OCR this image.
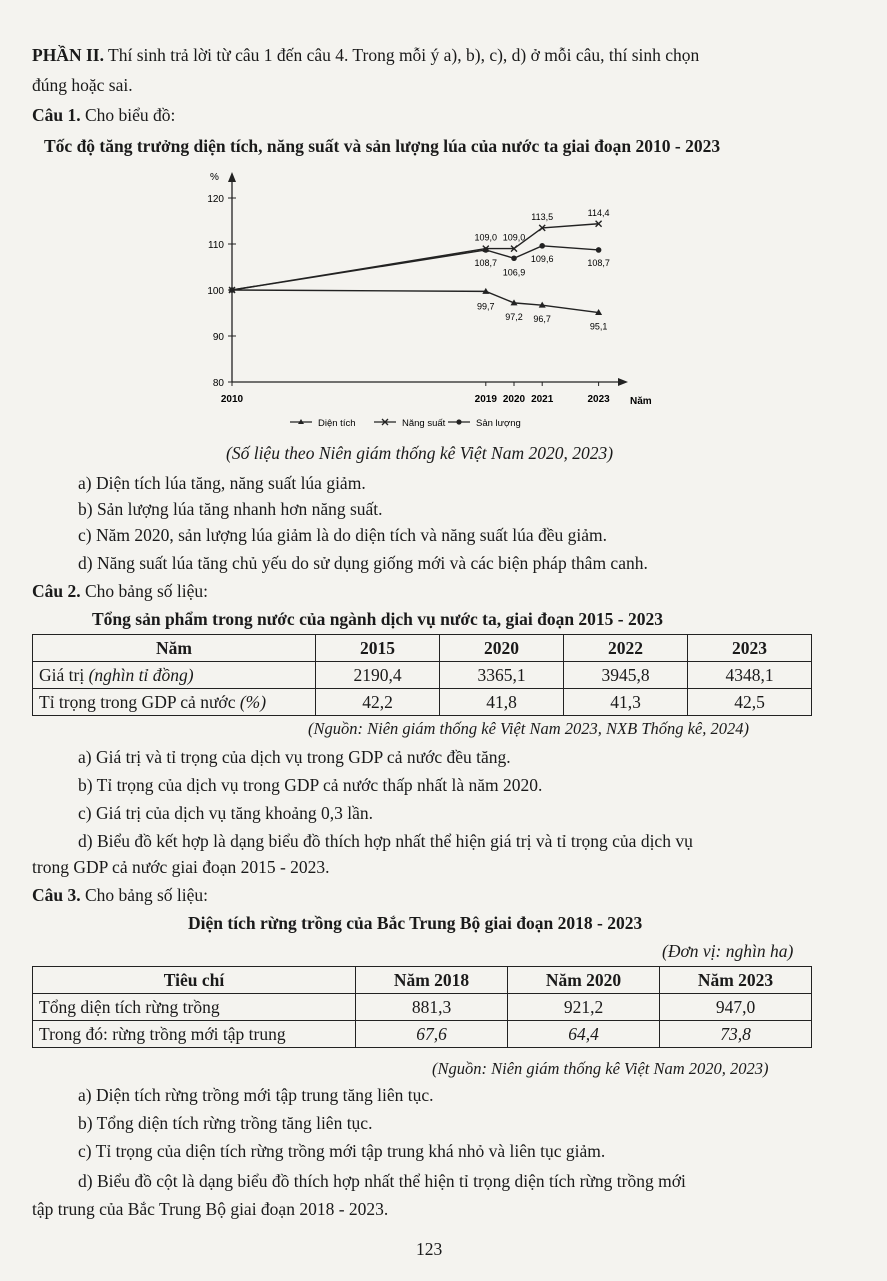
PHẦN II. Thí sinh trả lời từ câu 1 đến câu 4. Trong mỗi ý a), b), c), d) ở mỗi câu, thí sinh chọn
đúng hoặc sai.
Câu 1. Cho biểu đồ:
Tốc độ tăng trưởng diện tích, năng suất và sản lượng lúa của nước ta giai đoạn 2010 - 2023
%
Năm
80
90
100
110
120
2010	2019 2020 2021	2023
99,7
97,2 96,7
95,1
109,0 109,0
113,5	114,4
108,7
106,9
109,6	108,7
Diện tích	Năng suất	Sản lượng
(Số liệu theo Niên giám thống kê Việt Nam 2020, 2023)
a) Diện tích lúa tăng, năng suất lúa giảm.
b) Sản lượng lúa tăng nhanh hơn năng suất.
c) Năm 2020, sản lượng lúa giảm là do diện tích và năng suất lúa đều giảm.
d) Năng suất lúa tăng chủ yếu do sử dụng giống mới và các biện pháp thâm canh.
Câu 2. Cho bảng số liệu:
Tổng sản phẩm trong nước của ngành dịch vụ nước ta, giai đoạn 2015 - 2023
Năm	2015	2020	2022	2023
Giá trị (nghìn tỉ đồng)	2190,4	3365,1	3945,8	4348,1
Tỉ trọng trong GDP cả nước (%)	42,2	41,8	41,3	42,5
(Nguồn: Niên giám thống kê Việt Nam 2023, NXB Thống kê, 2024)
a) Giá trị và tỉ trọng của dịch vụ trong GDP cả nước đều tăng.
b) Tỉ trọng của dịch vụ trong GDP cả nước thấp nhất là năm 2020.
c) Giá trị của dịch vụ tăng khoảng 0,3 lần.
d) Biểu đồ kết hợp là dạng biểu đồ thích hợp nhất thể hiện giá trị và tỉ trọng của dịch vụ
trong GDP cả nước giai đoạn 2015 - 2023.
Câu 3. Cho bảng số liệu:
Diện tích rừng trồng của Bắc Trung Bộ giai đoạn 2018 - 2023
(Đơn vị: nghìn ha)
Tiêu chí	Năm 2018	Năm 2020	Năm 2023
Tổng diện tích rừng trồng	881,3	921,2	947,0
Trong đó: rừng trồng mới tập trung	67,6	64,4	73,8
(Nguồn: Niên giám thống kê Việt Nam 2020, 2023)
a) Diện tích rừng trồng mới tập trung tăng liên tục.
b) Tổng diện tích rừng trồng tăng liên tục.
c) Tỉ trọng của diện tích rừng trồng mới tập trung khá nhỏ và liên tục giảm.
d) Biểu đồ cột là dạng biểu đồ thích hợp nhất thể hiện tỉ trọng diện tích rừng trồng mới
tập trung của Bắc Trung Bộ giai đoạn 2018 - 2023.
123
